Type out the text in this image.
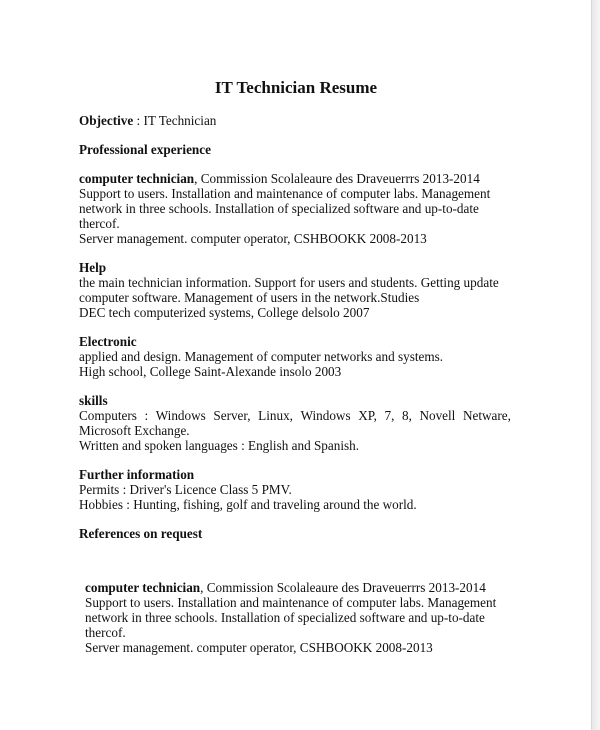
IT Technician Resume
Objective : IT Technician
Professional experience
computer technician, Commission Scolaleaure des Draveuerrrs 2013-2014
Support to users. Installation and maintenance of computer labs. Management
network in three schools. Installation of specialized software and up-to-date
thercof.
Server management. computer operator, CSHBOOKK 2008-2013
Help
the main technician information. Support for users and students. Getting update
computer software. Management of users in the network.Studies
DEC tech computerized systems, College delsolo 2007
Electronic
applied and design. Management of computer networks and systems.
High school, College Saint-Alexande insolo 2003
skills
Computers : Windows Server, Linux, Windows XP, 7, 8, Novell Netware,
Microsoft Exchange.
Written and spoken languages : English and Spanish.
Further information
Permits : Driver's Licence Class 5 PMV.
Hobbies : Hunting, fishing, golf and traveling around the world.
References on request
computer technician, Commission Scolaleaure des Draveuerrrs 2013-2014
Support to users. Installation and maintenance of computer labs. Management
network in three schools. Installation of specialized software and up-to-date
thercof.
Server management. computer operator, CSHBOOKK 2008-2013
